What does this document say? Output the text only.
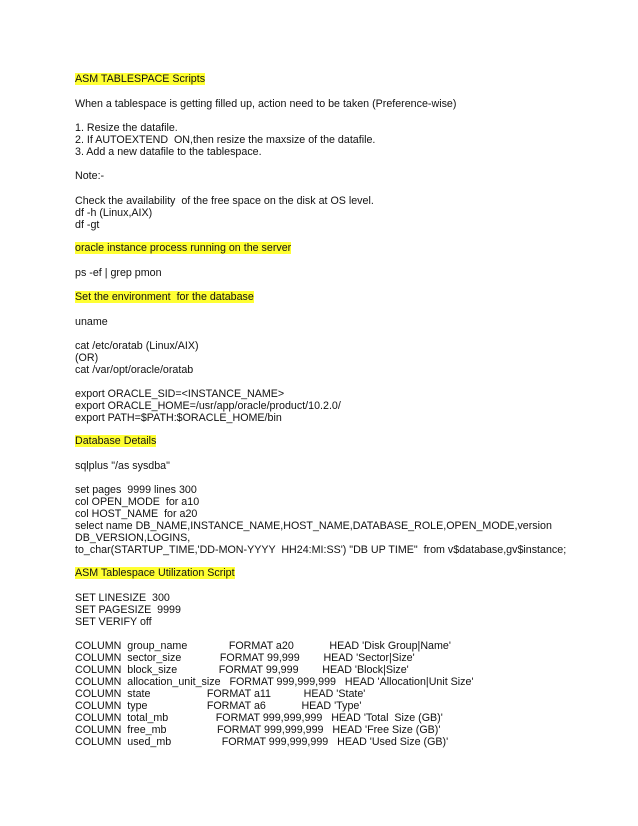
ASM TABLESPACE Scripts
When a tablespace is getting filled up, action need to be taken (Preference-wise)
1. Resize the datafile.
2. If AUTOEXTEND  ON,then resize the maxsize of the datafile.
3. Add a new datafile to the tablespace.
Note:-
Check the availability  of the free space on the disk at OS level.
df -h (Linux,AIX)
df -gt
oracle instance process running on the server
ps -ef | grep pmon
Set the environment  for the database
uname
cat /etc/oratab (Linux/AIX)
(OR)
cat /var/opt/oracle/oratab
export ORACLE_SID=<INSTANCE_NAME>
export ORACLE_HOME=/usr/app/oracle/product/10.2.0/
export PATH=$PATH:$ORACLE_HOME/bin
Database Details
sqlplus "/as sysdba"
set pages  9999 lines 300
col OPEN_MODE  for a10
col HOST_NAME  for a20
select name DB_NAME,INSTANCE_NAME,HOST_NAME,DATABASE_ROLE,OPEN_MODE,version
DB_VERSION,LOGINS,
to_char(STARTUP_TIME,'DD-MON-YYYY  HH24:MI:SS') "DB UP TIME"  from v$database,gv$instance;
ASM Tablespace Utilization Script
SET LINESIZE  300
SET PAGESIZE  9999
SET VERIFY off
COLUMN  group_name              FORMAT a20            HEAD 'Disk Group|Name'
COLUMN  sector_size             FORMAT 99,999        HEAD 'Sector|Size'
COLUMN  block_size              FORMAT 99,999        HEAD 'Block|Size'
COLUMN  allocation_unit_size   FORMAT 999,999,999   HEAD 'Allocation|Unit Size'
COLUMN  state                   FORMAT a11           HEAD 'State'
COLUMN  type                    FORMAT a6            HEAD 'Type'
COLUMN  total_mb                FORMAT 999,999,999   HEAD 'Total  Size (GB)'
COLUMN  free_mb                 FORMAT 999,999,999   HEAD 'Free Size (GB)'
COLUMN  used_mb                 FORMAT 999,999,999   HEAD 'Used Size (GB)'
